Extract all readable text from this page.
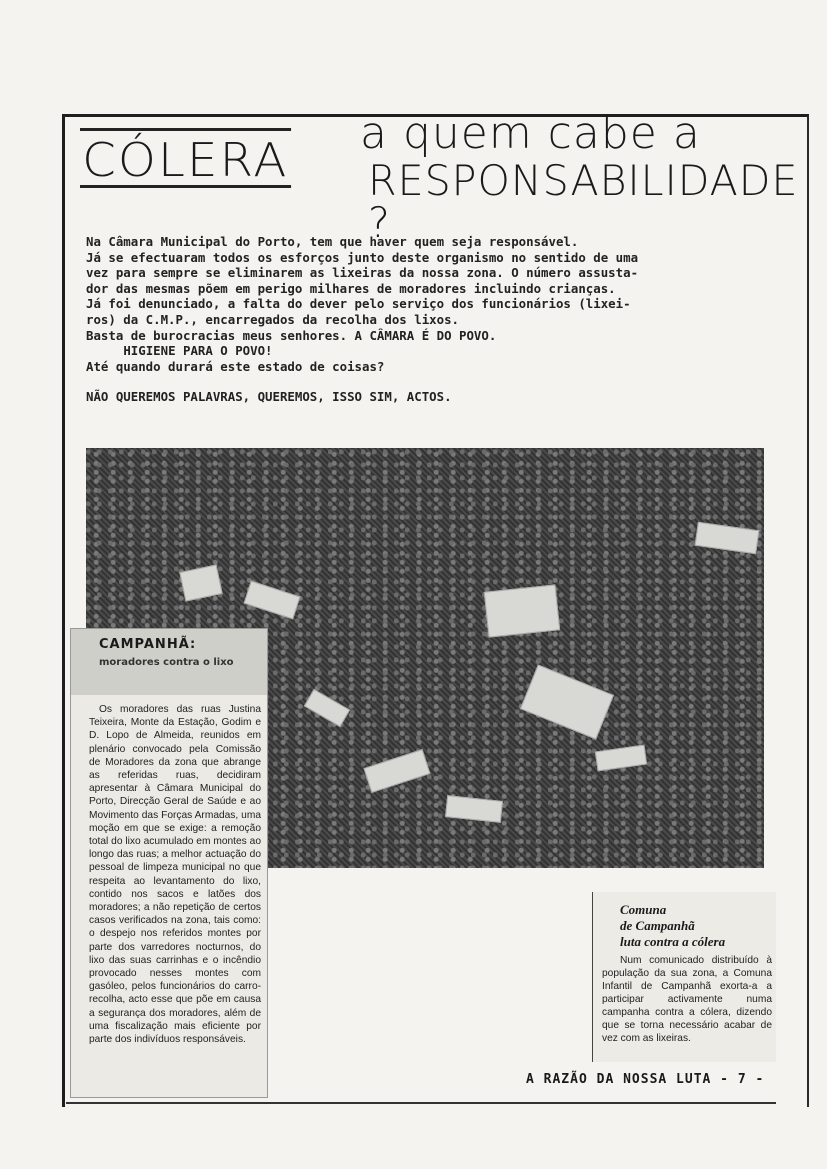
CÓLERA a quem cabe a
RESPONSABILIDADE ?

Na Câmara Municipal do Porto, tem que haver quem seja responsável.

Já se efectuaram todos os esforços junto deste organismo no sentido de uma

vez para sempre se eliminarem as lixeiras da nossa zona. O número assusta-

dor das mesmas põem em perigo milhares de moradores incluindo crianças.

Já foi denunciado, a falta do dever pelo serviço dos funcionários (lixei-

ros) da C.M.P., encarregados da recolha dos lixos.

Basta de burocracias meus senhores. A CÂMARA É DO POVO.

HIGIENE PARA O POVO!

Até quando durará este estado de coisas?

NÃO QUEREMOS PALAVRAS, QUEREMOS, ISSO SIM, ACTOS.

CAMPANHÃ:
moradores contra o lixo
Os moradores das ruas Justina Teixeira, Monte da Estação, Godim e D. Lopo de Almeida, reunidos em plenário convocado pela Comissão de Moradores da zona que abrange as referidas ruas, decidiram apresentar à Câmara Municipal do Porto, Direcção Geral de Saúde e ao Movimento das Forças Armadas, uma moção em que se exige: a remoção total do lixo acumulado em montes ao longo das ruas; a melhor actuação do pessoal de limpeza municipal no que respeita ao levantamento do lixo, contido nos sacos e latões dos moradores; a não repetição de certos casos verificados na zona, tais como: o despejo nos referidos montes por parte dos varredores nocturnos, do lixo das suas carrinhas e o incêndio provocado nesses montes com gasóleo, pelos funcionários do carro-recolha, acto esse que põe em causa a segurança dos moradores, além de uma fiscalização mais eficiente por parte dos indivíduos responsáveis.
Comuna
de Campanhã
luta contra a cólera
Num comunicado distribuído à população da sua zona, a Comuna Infantil de Campanhã exorta-a a participar activamente numa campanha contra a cólera, dizendo que se torna necessário acabar de vez com as lixeiras.
A RAZÃO DA NOSSA LUTA - 7 -
